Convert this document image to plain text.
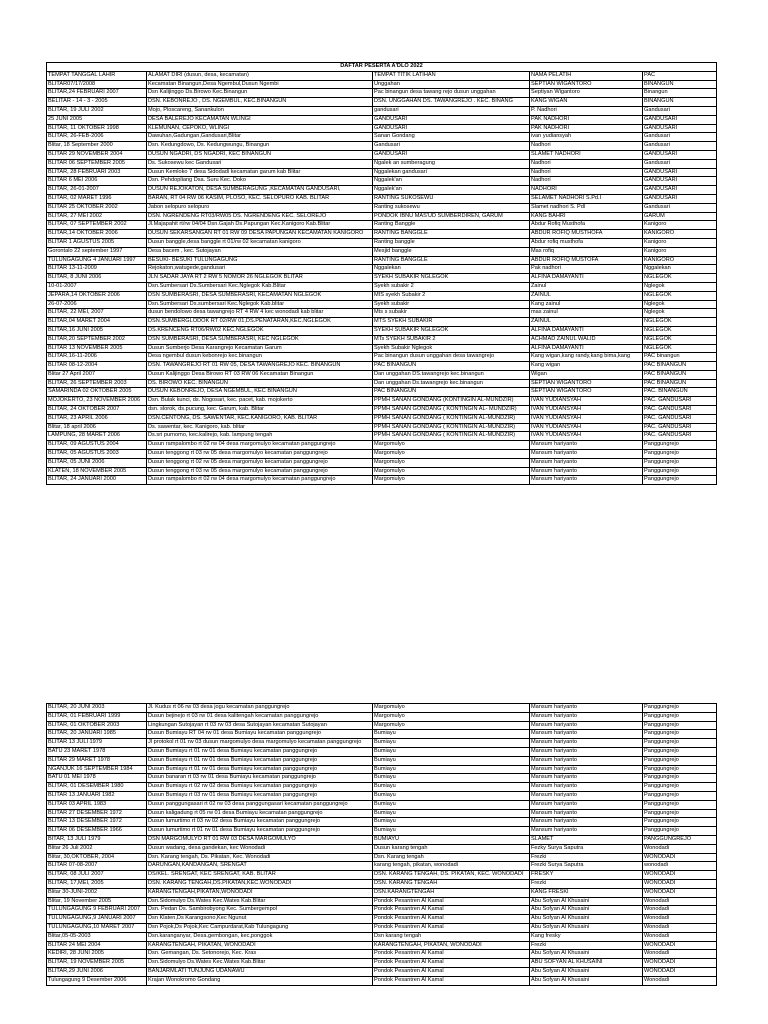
DAFTAR PESERTA A'DLO 2022				
TEMPAT TANGGAL LAHIR	ALAMAT DIRI (dusun, desa, kecamatan)	TEMPAT TITIK LATIHAN	NAMA PELATIH	PAC
BLITAR07/17/2008	Kecamatan Binangun,Desa Ngembul,Dusun Ngembi	Unggahan	SEPTIAN WIGANTORO	BINANGUN
BLITAR,24 FEBRUARI 2007	Dsn Kalijinggo Ds.Birowo Kec.Binangun	Pac binangun desa tawang rejo dusun unggahan	Septiyan Wigantoro	Binangun
BELITAR - 14 - 3 - 2005	DSN. KEBONREJO , DS. NGEMBUL, KEC.BINANGUN	DSN. UNGGAHAN DS. TAWANGREJO . KEC. BINANG	KANG WIGAN	BINANGUN
BLITAR, 19 JULI 2002	Mojo, Ploscareng, Sanankulon	gandusari	P. Nadhori	Gandusari
25 JUNI 2005	DESA BALEREJO KECAMATAN WLINGI	GANDUSARI	PAK NADHORI	GANDUSARI
BLITAR, 11 OKTOBER 1998	KLEMUNAN, CEPOKO, WLINGI	GANDUSARI	PAK NADHORI	GANDUSARI
BLITAR, 26-FEB-2006	Dawuhan,Gadungan,Gandusari,Blitar	Sanan Gondang	ivan yudiansyah	Gandusari
Blitar, 18 September 2000	Dsn. Kedungdowo, Ds. Kedungwungu, Binangun	Gandusari	Nadhori	Gandusari
BLITAR 29 NOVEMBER 2004	DUSUN NGADRI, DS NGADRI, KEC BINANGUN	GANDUSARI	SLAMET NADHORI	GANDUSARI
BLITAR 06 SEPTEMBER 2005	Ds. Sukosewu kec Gandusari	Ngalek an sumberagung	Nadhori	Gandusari
BLITAR, 28 FEBRUARI 2003	Dusun Kemloko 7 desa Sidodadi kecamatan garum kab Blitar	Nggalekan gandusari	Nadhori	GANDUSARI
BLITAR 6 MEI 2006	Dsn. Pehdopliang Dsa. Suru Kec. Doko	Nggalek'an	Nadhori	GANDUSARI
BLITAR, 26-01-2007	DUSUN REJOKATON, DESA SUMBERAGUNG ,KECAMATAN GANDUSARI,	Nggalek'an	NADHORI	GANDUSARI
BLITAR, 02 MARET 1996	BARAN, RT 04 RW 06 KASIM, PLOSO, KEC. SELOPURO KAB. BLITAR	RANTING SUKOSEWU	SELAMET NADHORI S.Pd.I	GANDUSARI
BLITAR 25 OKTOBER 2002	Jabon selopuro selopuro	Ranting sukosewu	Slamet nadhori S. Pdl	Gandusari
BLITAR, 27 MEI 2002	DSN. NGRENDENG RT03/RW05 DS. NGRENDENG KEC. SELOREJO	PONDOK IBNU MAS'UD SUMBERDIREN, GARUM	KANG BAHRI	GARUM
BLITAR, 07 SEPTEMBER 2002	Jl.Majapahit rt/rw 04/04 Dsn.Gajah Ds.Papungan Kec.Kanigoro Kab.Blitar	Ranting Banggle	Abdur Rofiq Musthofa	Kanigoro
BLITAR,14 OKTOBER 2006	DUSUN SEKARSANGAN RT 01 RW 09 DESA PAPUNGAN KECAMATAN KANIGORO	RANTING BANGGLE	ABDUR ROFIQ MUSTHOFA	KANIGORO
BLITAR 1 AGUSTUS 2005	Dusun banggle,desa banggle rt 01/rw 02 kecamatan kanigoro	Ranting banggle	Abdur rofiq musthofa	Kanigoro
Gorontalo 22 september 1997	Desa bacem , kec. Sutojayan	Mesjid banggle	Mas rofiq	Kanigoro
TULUNGAGUNG 4 JANUARI 1997	BESUKI- BESUKI TULUNGAGUNG	RANTING BANGGLE	ABDUR ROFIQ MUSTOFA	KANIGORO
BLITAR 13-11-2009	Rejokaton,watugede,gandusari	Nggalekan	Pak nadhori	Nggalekan
BLITAR, 8 JUNI 2006	JLN SADAR JAYA RT 2 RW 5 NOMOR 26 NGLEGOK BLITAR	SYEKH SUBAKIR NGLEGOK	ALFINA DAMAYANTI	NGLEGOK
10-01-2007	Dsn.Sumbersari Ds.Sumbersari Kec.Nglegok Kab.Blitar	Syekh subakir 2	Zainul	Nglegok
JEPARA,14 OKTOBER 2006	DSN SUMBERASRI, DESA SUMBERASRI, KECAMATAN NGLEGOK	MIS syekh Subakir 2	ZAINUL	NGLEGOK
26-07-2006	Dsn.Sumbersari Ds.sumbersari Kec.Nglegok Kab.blitar	Syekh subakir	Kang zainul	Nglegok
BLITAR, 22 MEI, 2007	dusun bendolowo desa tawangrejo RT 4 RW 4 kec wonodadi kab blitar	Mts s subakir	mas zainul	Nglegok
BLITAR,04 MARET 2004	DSN.SUMBERGLODOK RT 02/RW 01,DS.PENATARAN,KEC.NGLEGOK	MTS SYEKH SUBAKIR	ZAINUL	NGLEGOK
BLITAR,16 JUNI 2005	DS.KRENCENG RT06/RW02 KEC.NGLEGOK	SYEKH SUBAKIR NGLEGOK	ALFINA DAMAYANTI	NGLEGOK
BLITAR,20 SEPTEMBER 2002	DSN SUMBERASRI, DESA SUMBERASRI, KEC NGLEGOK	MTs SYEKH SUBAKIR 2	ACHMAD ZAINUL WALID	NGLEGOK
BLITAR 13 NOVEMBER 2005	Dusun Sumberjo Desa Karangrejo Kecamatan Garum	Syekh Subakir Nglegok	ALFINA DAMAYANTI	NGLEGOK
BLITAR,16-11-2006	Desa ngembul dusun kebonrejo kec.binangun	Pac binangun dusun unggahan desa tawangrejo	Kang wigan,kang randy,kang bima,kang	PAC binangun
BLITAR 08-12-2004	DSN. TAWANGREJO RT 01 RW 05, DESA TAWANGREJO KEC. BINANGUN	PAC BINANGUN	Kang wigan	PAC BINANGUN
Blitar 27 April 2007	Dusun Kalijinggo Desa Birowo RT 03 RW 06 Kecamatan Binangun	Dan unggahan DS.tawangrejo kec.binangun	Wigan	PAC BINANGUN
BLITAR, 26 SEPTEMBER 2003	DS. BIROWO KEC. BINANGUN	Dan unggahan Ds.tawangrejo kec.binangun	SEPTIAN WIGANTORO	PAC BINANGUN
SAMARINDA 02 OKTOBER 2005	DUSUN KEBONREJO, DESA NGEMBUL, KEC BINANGUN	PAC BINANGUN	SEPTIAN WIGANTORO	PAC. BINANGUN
MOJOKERTO, 23 NOVEMBER 2006	Dsn. Bulak kunci, ds. Nogosari, kec. pacet, kab. mojokerto	PPMH SANAN GONDANG (KONTINGIN AL-MUNDZIR)	IVAN YUDIANSYAH	PAC. GANDUSARI
BLITAR, 24 OKTOBER 2007	dsn. slorok, ds.pucung, kec. Garum, kab. Blitar	PPMH SANAN GONDANG ( KONTINGIN AL- MUNDZIR)	IVAN YUDIANSYAH	PAC. GANDUSARI
BLITAR, 23 APRIL 2006	DSN.CENTONG, DS. SAWENTAR, KEC.KANIGORO, KAB. BLITAR	PPMH SANAN GONDANG ( KONTINGIN AL-MUNDZIR)	IVAN YUDIANSYAH	PAC. GANDUSARI
Blitar, 18 april 2006	Ds. sawentar, kec. Kanigoro, kab. blitar	PPMH SANAN GONDANG ( KONTINGIN AL-MUNDZIR)	IVAN YUDIANSYAH	PAC. GANDUSARI
LAMPUNG, 28 MARET 2006	Ds.sri purnomo, kec.kalirejo, kab. lampung tengah	PPMH SANAN GONDANG ( KONTINGIN AL-MUNDZIR)	IVAN YUDIANSYAH	PAC. GANDUSARI
BLITAR, 09 AGUSTUS 2004	Dusun rampalombo rt 02 rw 04 desa margomulyo kecamatan panggungrejo	Margomulyo	Mansum hariyanto	Panggungrejo
BLITAR, 05 AGUSTUS 2003	Dusun tenggong rt 03 rw 05 desa margomulyo kecamatan panggungrejo	Margomulyo	Mansum hariyanto	Panggungrejo
BLITAR, 05 JUNI 2006	Dusun tenggong rt 02 rw 05 desa margomulyo kecamatan panggungrejo	Margomulyo	Mansum hariyanto	Panggungrejo
KLATEN, 18 NOVEMBER 2005	Dusun tenggong rt 03 rw 05 desa margomulyo kecamatan panggungrejo	Margomulyo	Mansum hariyanto	Panggungrejo
BLITAR, 24 JANUARI 2000	Dusun rampalombo rt 02 rw 04 desa margomulyo kecamatan panggungrejo	Margomulyo	Mansum hariyanto	Panggungrejo
BLITAR, 20 JUNI 2003	Jl. Kudus rt 06 rw 03 desa jogu kecamatan panggungrejo	Margomulyo	Mansum hariyanto	Panggungrejo
BLITAR, 01 FEBRUARI 1999	Dusun bejinejo rt 03 rw 01 desa kalitengah kecamatan panggungrejo	Margomulyo	Mansum hariyanto	Panggungrejo
BLITAR, 01 OKTOBER 2003	Lingkungan Sutojayan rt 03 rw 03 desa Sutojayan kecamatan Sutojayan	Margomulyo	Mansum hariyanto	Panggungrejo
BLITAR, 20 JANUARI 1985	Dusun Bumiayu RT 04 rw 01 desa Bumiayu kecamatan panggungrejo	Bumiayu	Mansum hariyanto	Panggungrejo
BLITAR 13 JULI 1979	Jl protokol rt 01 rw 03 dusun margomulyo desa margomulyo kecamatan panggungrejo	Bumiayu	Mansum hariyanto	Panggungrejo
BATU 23 MARET 1978	Dusun Bumiayu rt 01 rw 01 desa Bumiayu kecamatan panggungrejo	Bumiayu	Mansum hariyanto	Panggungrejo
BLITAR 29 MARET 1978	Dusun Bumiayu rt 01 rw 01 desa Bumiayu kecamatan panggungrejo	Bumiayu	Mansum hariyanto	Panggungrejo
NGANJUK 16 SEPTEMBER 1984	Dusun Bumiayu rt 01 rw 01 desa Bumiayu kecamatan panggungrejo	Bumiayu	Mansum hariyanto	Panggungrejo
BATU 01 MEI 1978	Dusun banaran rt 03 rw 01 desa Bumiayu kecamatan panggungrejo	Bumiayu	Mansum hariyanto	Panggungrejo
BLITAR, 01 DESEMBER 1980	Dusun Bumiayu rt 02 rw 02 desa Bumiayu kecamatan panggungrejo	Bumiayu	Mansum hariyanto	Panggungrejo
BLITAR 13 JANUARI 1982	Dusun Bumiayu rt 03 rw 01 desa Bumiayu kecamatan panggungrejo	Bumiayu	Mansum hariyanto	Panggungrejo
BLITAR 03 APRIL 1983	Dusun panggungasari rt 02 rw 03 desa panggungasari kecamatan panggungrejo	Bumiayu	Mansum hariyanto	Panggungrejo
BLITAR 27 DESEMBER 1972	Dusun kaligadung rt 05 rw 01 desa Bumiayu kecamatan panggungrejo	Bumiayu	Mansum hariyanto	Panggungrejo
BLITAR 13 DESEMBER 1972	Dusun lumurtimo rt 03 rw 02 desa Bumiayu kecamatan panggungrejo	Bumiayu	Mansum hariyanto	Panggungrejo
BLITAR 06 DESEMBER 1966	Dusun lumurtimo rt 01 rw 01 desa Bumiayu kecamatan panggungrejo	Bumiayu	Mansum hariyanto	Panggungrejo
BITAR, 13 JULI 1979	DSN MARGOMULYO RT 01 RW 03 DESA MARGOMULYO	BUMIAYU	SLAMET	PANGGUNGREJO
Blitar 26 Juli 2002	Dusun wadang, desa gandekan, kec Wonodadi	Dusun karang tengah	Fezky Surya Saputra	Wonodadi
Blitar, 30,OKTOBER, 2004	Dsn. Karang tengah, Ds. Pikatan, Kec. Wonodadi	Dsn. Karang tengah	Frezki	WONODADI
BLITAR 07-08-2007	DARUNGAN,KANDANGAN, SRENGAT	karang tengah, pikatan, wonodadi	Frezki Surya Saputra	wonodadi
BLITAR, 08 JULI 2007	DS/KEL. SRENGAT, KEC SRENGAT, KAB. BLITAR	DSN. KARANG TENGAH, DS. PIKATAN, KEC. WONODADI	FRESKY	WONODADI
BLITAR, 17,MEI, 2005	DSN. KARANG TENGAH,DS.PIKATAN,KEC.WONODADI	DSN. KARANG TENGAH	Frezki	WONODADI
Blitar 30-JUNI-2002	KARANGTENGAH,PIKATAN,WONODADI	DSN.KARANGTENGAH	KANG FRESKI	WONODADI
Blitar, 19 November 2005	Dsn.Sidomulyo Ds.Wates Kec.Wates Kab.Blitar	Pondok Pesantren Al Kamal	Abu Sofyan Al Khusaini	Wonodadi
TULUNGAGUNG 9 FEBRUARI 2007	Dsn. Pedan Ds. Sambirobyong Kec. Sumbergempol	Pondok Pesantren Al Kamal	Abu Sofyan Al Khusaini	Wonodadi
TULUNGAGUNG,9 JANUARI 2007	Dsn Klaten,Ds Karangsono,Kec Ngunut	Pondok Pesantren Al Kamal	Abu Sofyan Al Khusaini	Wonodadi
TULUNGAGUNG,10 MARET 2007	Dsn Pojok,Ds Pojok,Kec Campurdarat,Kab Tulungagung	Pondok Pesantren Al Kamal	Abu Sofyan Al Khusaini	Wonodadi
Blitar,05-05-2003	Dsn.karanganyar, Desa.gembongan, kec,ponggok	Dsn karang tengah	Kang fresky	Wonodadi
BLITAR 24 MEI 2004	KARANGTENGAH, PIKATAN, WONODADI	KARANGTENGAH, PIKATAN, WONODADI	Frezki	WONODADI
KEDIRI, 28 JUNI 2005	Dsn. Gemangan, Ds. Setonorejo, Kec. Kras	Pondok Pesantren Al Kamal	Abu Sofyan Al Khusaini	Wonodadi
BLITAR, 19 NOVEMBER 2005	Dsn.Sidomulyo Ds.Wates Kec.Wates Kab.Blitar	Pondok Pesantren Al Kamal	ABU SOFYAN AL KHUSAINI	WONODADI
BLITAR,29 JUNI 2006	BANJARMLATI TUNJUNG UDANAWU	Pondok Pesantren Al Kamal	Abu Sofyan Al Khusaini	WONODADI
Tulungagung 9 Desember 2006	Krajan Wonokromo Gondang	Pondok Pesantren Al Kamal	Abu Sofyan Al Khusaini	Wonodadi
